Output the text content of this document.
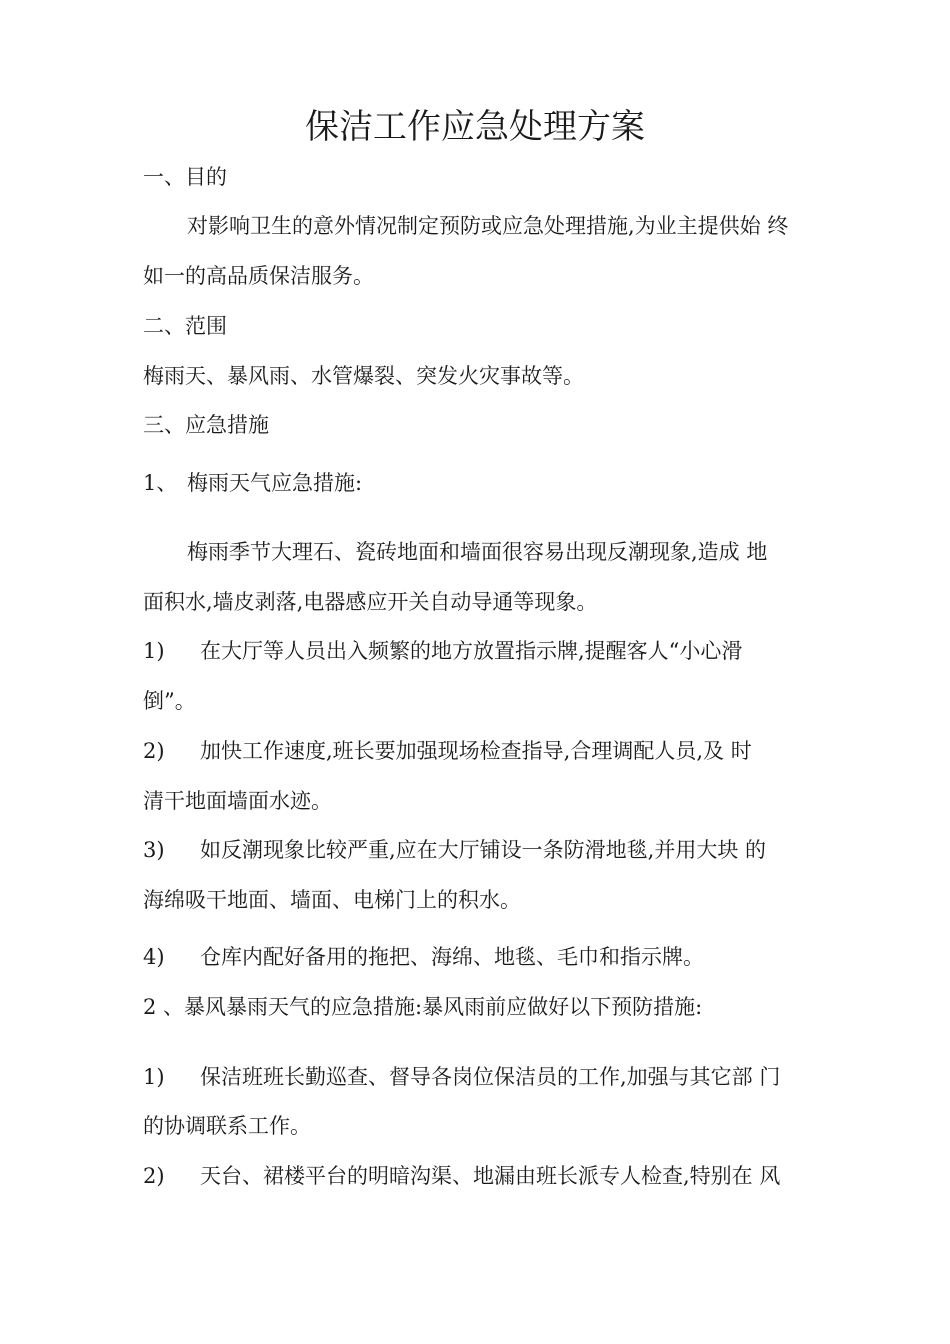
保洁工作应急处理方案
一、目的
对影响卫生的意外情况制定预防或应急处理措施,为业主提供始 终
如一的高品质保洁服务。
二、范围
梅雨天、暴风雨、水管爆裂、突发火灾事故等。
三、应急措施
1、 梅雨天气应急措施:
梅雨季节大理石、瓷砖地面和墙面很容易出现反潮现象,造成 地
面积水,墙皮剥落,电器感应开关自动导通等现象。
1) 在大厅等人员出入频繁的地方放置指示牌,提醒客人“小心滑
倒”。
2) 加快工作速度,班长要加强现场检查指导,合理调配人员,及 时
清干地面墙面水迹。
3) 如反潮现象比较严重,应在大厅铺设一条防滑地毯,并用大块 的
海绵吸干地面、墙面、电梯门上的积水。
4) 仓库内配好备用的拖把、海绵、地毯、毛巾和指示牌。
2 、暴风暴雨天气的应急措施:暴风雨前应做好以下预防措施:
1) 保洁班班长勤巡查、督导各岗位保洁员的工作,加强与其它部 门
的协调联系工作。
2) 天台、裙楼平台的明暗沟渠、地漏由班长派专人检查,特别在 风
